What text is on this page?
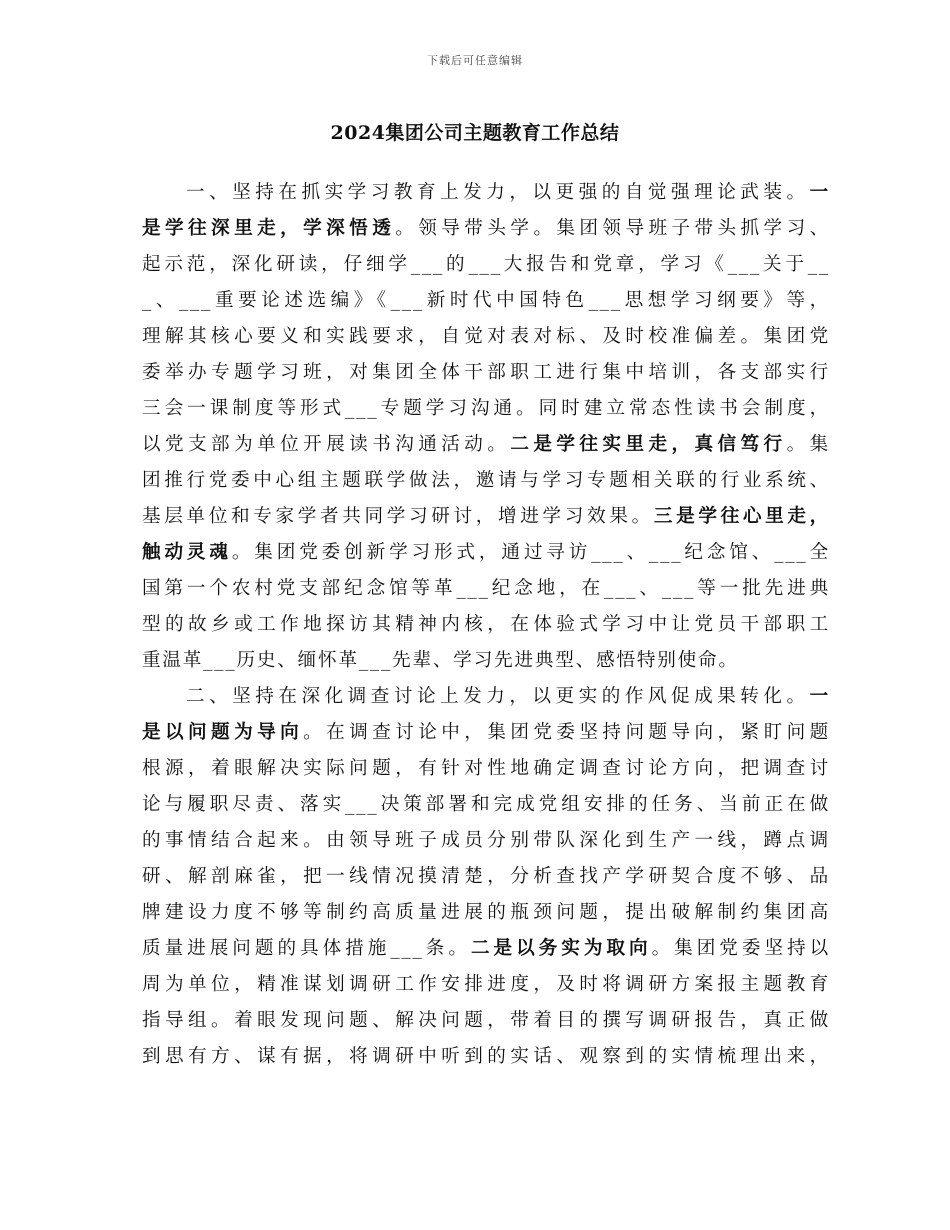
下载后可任意编辑
2024集团公司主题教育工作总结
一、坚持在抓实学习教育上发力，以更强的自觉强理论武装。一
是学往深里走，学深悟透。领导带头学。集团领导班子带头抓学习、
起示范，深化研读，仔细学___的___大报告和党章，学习《___关于__
_、___重要论述选编》《___新时代中国特色___思想学习纲要》等，
理解其核心要义和实践要求，自觉对表对标、及时校准偏差。集团党
委举办专题学习班，对集团全体干部职工进行集中培训，各支部实行
三会一课制度等形式___专题学习沟通。同时建立常态性读书会制度，
以党支部为单位开展读书沟通活动。二是学往实里走，真信笃行。集
团推行党委中心组主题联学做法，邀请与学习专题相关联的行业系统、
基层单位和专家学者共同学习研讨，增进学习效果。三是学往心里走，
触动灵魂。集团党委创新学习形式，通过寻访___、___纪念馆、___全
国第一个农村党支部纪念馆等革___纪念地，在___、___等一批先进典
型的故乡或工作地探访其精神内核，在体验式学习中让党员干部职工
重温革___历史、缅怀革___先辈、学习先进典型、感悟特别使命。
二、坚持在深化调查讨论上发力，以更实的作风促成果转化。一
是以问题为导向。在调查讨论中，集团党委坚持问题导向，紧盯问题
根源，着眼解决实际问题，有针对性地确定调查讨论方向，把调查讨
论与履职尽责、落实___决策部署和完成党组安排的任务、当前正在做
的事情结合起来。由领导班子成员分别带队深化到生产一线，蹲点调
研、解剖麻雀，把一线情况摸清楚，分析查找产学研契合度不够、品
牌建设力度不够等制约高质量进展的瓶颈问题，提出破解制约集团高
质量进展问题的具体措施___条。二是以务实为取向。集团党委坚持以
周为单位，精准谋划调研工作安排进度，及时将调研方案报主题教育
指导组。着眼发现问题、解决问题，带着目的撰写调研报告，真正做
到思有方、谋有据，将调研中听到的实话、观察到的实情梳理出来，
